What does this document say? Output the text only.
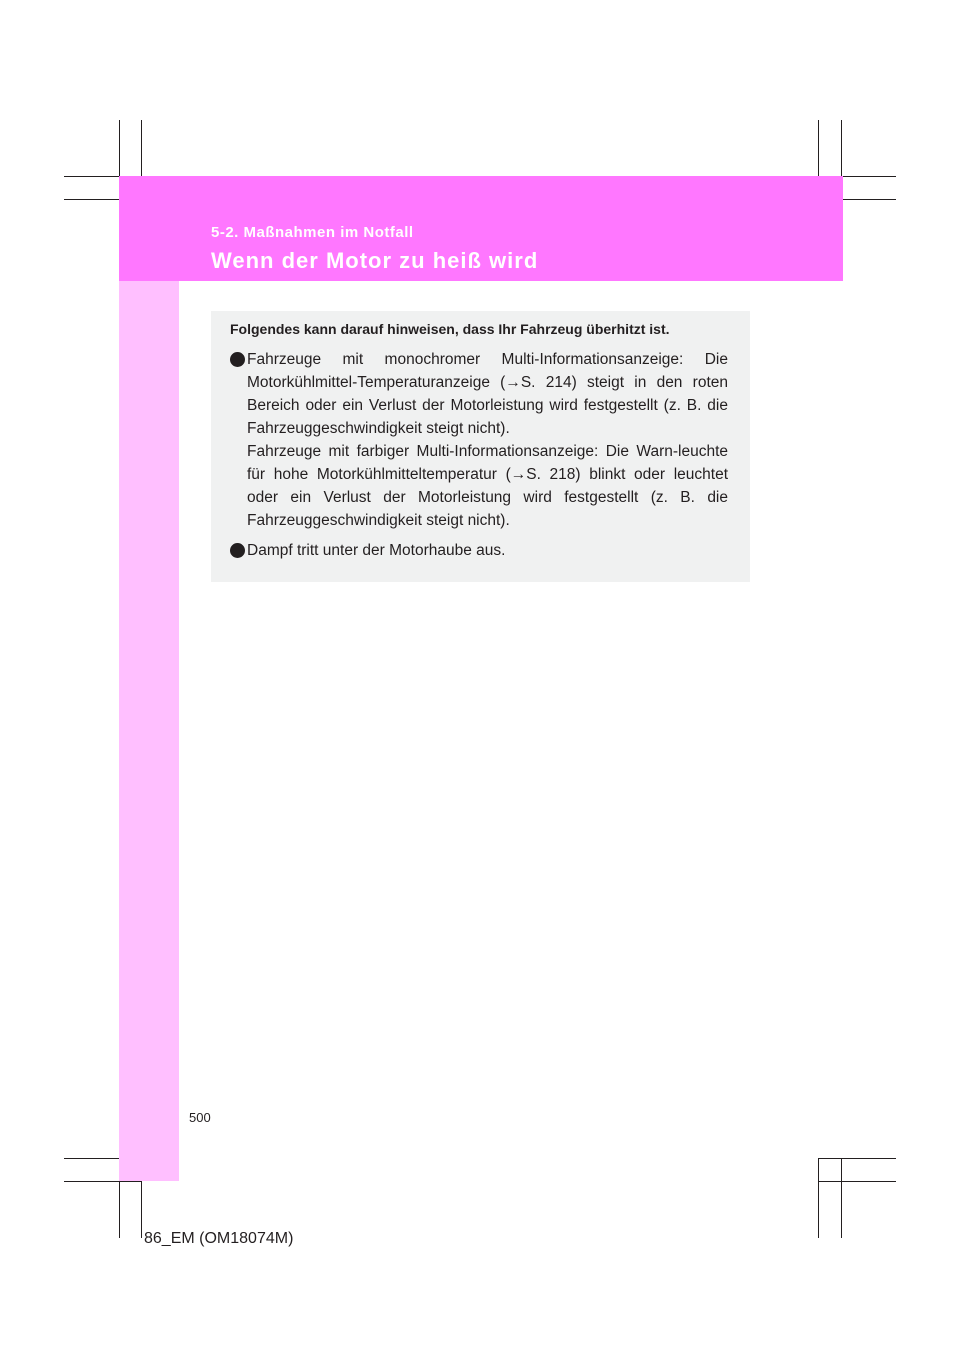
5-2. Maßnahmen im Notfall
Wenn der Motor zu heiß wird

Folgendes kann darauf hinweisen, dass Ihr Fahrzeug überhitzt ist.

Fahrzeuge mit monochromer Multi-Informationsanzeige: Die Motorkühlmittel-Temperaturanzeige (→S. 214) steigt in den roten Bereich oder ein Verlust der Motorleistung wird festgestellt (z. B. die Fahrzeuggeschwindigkeit steigt nicht).

Fahrzeuge mit farbiger Multi-Informationsanzeige: Die Warn-leuchte für hohe Motorkühlmitteltemperatur (→S. 218) blinkt oder leuchtet oder ein Verlust der Motorleistung wird festgestellt (z. B. die Fahrzeuggeschwindigkeit steigt nicht).

Dampf tritt unter der Motorhaube aus.

500
86_EM (OM18074M)
